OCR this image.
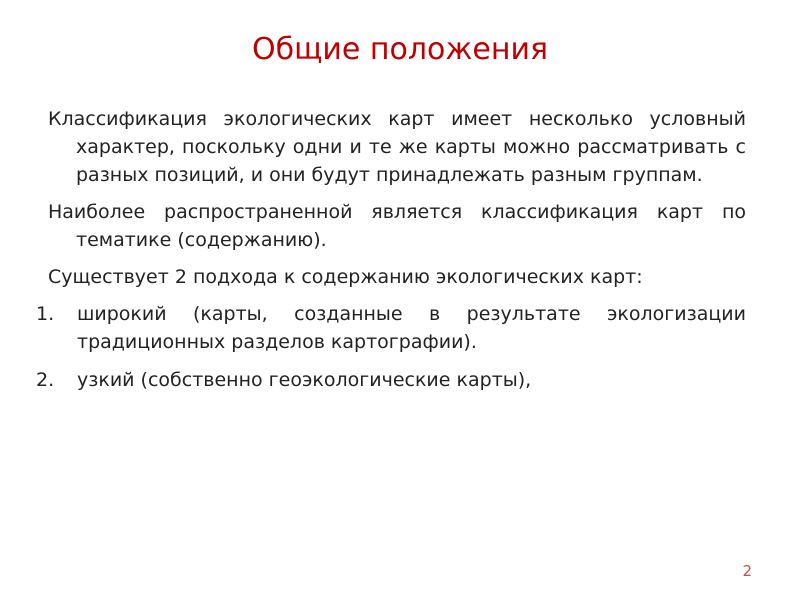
Общие положения

Классификация экологических карт имеет несколько условный характер, поскольку одни и те же карты можно рассматривать с разных позиций, и они будут принадлежать разным группам.

Наиболее распространенной является классификация карт по тематике (содержанию).

Существует 2 подхода к содержанию экологических карт:

1. широкий (карты, созданные в результате экологизации традиционных разделов картографии).
2. узкий (собственно геоэкологические карты),
2
